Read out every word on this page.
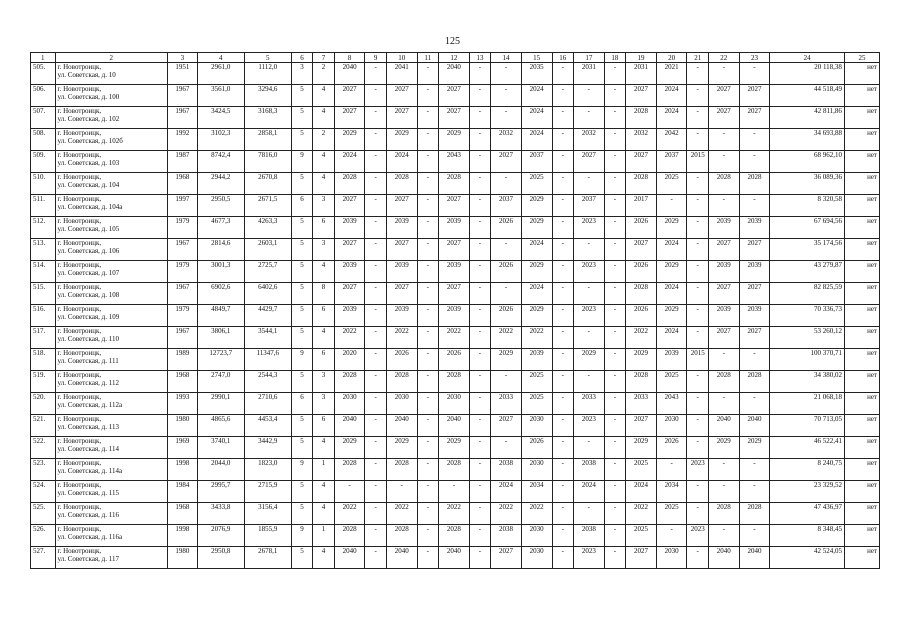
125
1	2	3	4	5	6	7	8	9	10	11	12	13	14	15	16	17	18	19	20	21	22	23	24	25
505.	г. Новотроицк,
ул. Советская, д. 10	1951	2961,0	1112,0	3	2	2040	-	2041	-	2040	-	-	2035	-	2031	-	2031	2021	-	-	-	20 118,38	нет
506.	г. Новотроицк,
ул. Советская, д. 100	1967	3561,0	3294,6	5	4	2027	-	2027	-	2027	-	-	2024	-	-	-	2027	2024	-	2027	2027	44 518,49	нет
507.	г. Новотроицк,
ул. Советская, д. 102	1967	3424,5	3168,3	5	4	2027	-	2027	-	2027	-	-	2024	-	-	-	2028	2024	-	2027	2027	42 811,86	нет
508.	г. Новотроицк,
ул. Советская, д. 102б	1992	3102,3	2858,1	5	2	2029	-	2029	-	2029	-	2032	2024	-	2032	-	2032	2042	-	-	-	34 693,88	нет
509.	г. Новотроицк,
ул. Советская, д. 103	1987	8742,4	7816,0	9	4	2024	-	2024	-	2043	-	2027	2037	-	2027	-	2027	2037	2015	-	-	68 962,10	нет
510.	г. Новотроицк,
ул. Советская, д. 104	1968	2944,2	2670,8	5	4	2028	-	2028	-	2028	-	-	2025	-	-	-	2028	2025	-	2028	2028	36 089,36	нет
511.	г. Новотроицк,
ул. Советская, д. 104а	1997	2950,5	2671,5	6	3	2027	-	2027	-	2027	-	2037	2029	-	2037	-	2017	-	-	-	-	8 320,58	нет
512.	г. Новотроицк,
ул. Советская, д. 105	1979	4677,3	4263,3	5	6	2039	-	2039	-	2039	-	2026	2029	-	2023	-	2026	2029	-	2039	2039	67 694,56	нет
513.	г. Новотроицк,
ул. Советская, д. 106	1967	2814,6	2603,1	5	3	2027	-	2027	-	2027	-	-	2024	-	-	-	2027	2024	-	2027	2027	35 174,56	нет
514.	г. Новотроицк,
ул. Советская, д. 107	1979	3001,3	2725,7	5	4	2039	-	2039	-	2039	-	2026	2029	-	2023	-	2026	2029	-	2039	2039	43 279,87	нет
515.	г. Новотроицк,
ул. Советская, д. 108	1967	6902,6	6402,6	5	8	2027	-	2027	-	2027	-	-	2024	-	-	-	2028	2024	-	2027	2027	82 825,59	нет
516.	г. Новотроицк,
ул. Советская, д. 109	1979	4849,7	4429,7	5	6	2039	-	2039	-	2039	-	2026	2029	-	2023	-	2026	2029	-	2039	2039	70 336,73	нет
517.	г. Новотроицк,
ул. Советская, д. 110	1967	3806,1	3544,1	5	4	2022	-	2022	-	2022	-	2022	2022	-	-	-	2022	2024	-	2027	2027	53 260,12	нет
518.	г. Новотроицк,
ул. Советская, д. 111	1989	12723,7	11347,6	9	6	2020	-	2026	-	2026	-	2029	2039	-	2029	-	2029	2039	2015	-	-	100 370,71	нет
519.	г. Новотроицк,
ул. Советская, д. 112	1968	2747,0	2544,3	5	3	2028	-	2028	-	2028	-	-	2025	-	-	-	2028	2025	-	2028	2028	34 380,02	нет
520.	г. Новотроицк,
ул. Советская, д. 112а	1993	2990,1	2710,6	6	3	2030	-	2030	-	2030	-	2033	2025	-	2033	-	2033	2043	-	-	-	21 068,18	нет
521.	г. Новотроицк,
ул. Советская, д. 113	1980	4865,6	4453,4	5	6	2040	-	2040	-	2040	-	2027	2030	-	2023	-	2027	2030	-	2040	2040	70 713,05	нет
522.	г. Новотроицк,
ул. Советская, д. 114	1969	3740,1	3442,9	5	4	2029	-	2029	-	2029	-	-	2026	-	-	-	2029	2026	-	2029	2029	46 522,41	нет
523.	г. Новотроицк,
ул. Советская, д. 114а	1998	2044,0	1823,0	9	1	2028	-	2028	-	2028	-	2038	2030	-	2038	-	2025	-	2023	-	-	8 240,75	нет
524.	г. Новотроицк,
ул. Советская, д. 115	1984	2995,7	2715,9	5	4	-	-	-	-	-	-	2024	2034	-	2024	-	2024	2034	-	-	-	23 329,52	нет
525.	г. Новотроицк,
ул. Советская, д. 116	1968	3433,8	3156,4	5	4	2022	-	2022	-	2022	-	2022	2022	-	-	-	2022	2025	-	2028	2028	47 436,97	нет
526.	г. Новотроицк,
ул. Советская, д. 116а	1998	2076,9	1855,9	9	1	2028	-	2028	-	2028	-	2038	2030	-	2038	-	2025	-	2023	-	-	8 348,45	нет
527.	г. Новотроицк,
ул. Советская, д. 117	1980	2950,8	2678,1	5	4	2040	-	2040	-	2040	-	2027	2030	-	2023	-	2027	2030	-	2040	2040	42 524,05	нет
